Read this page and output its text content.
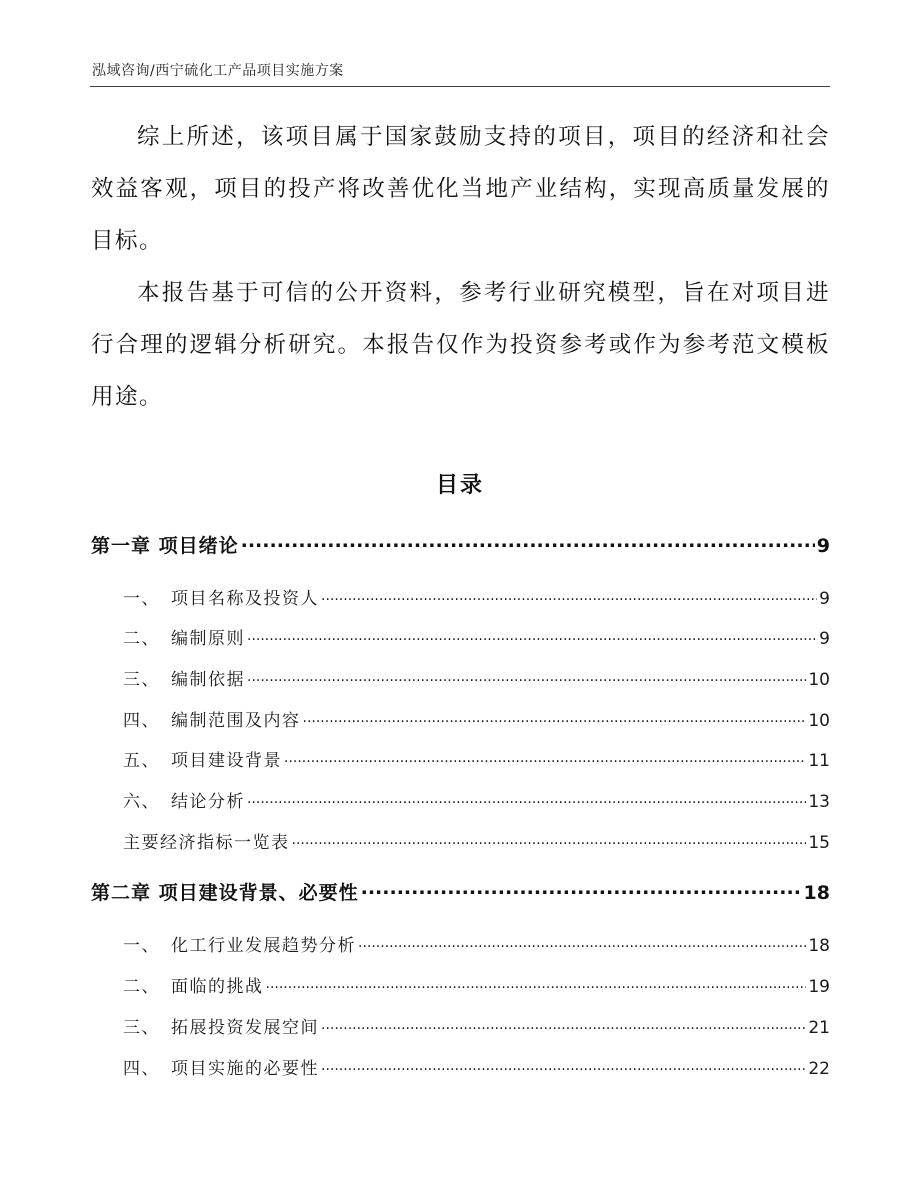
泓域咨询/西宁硫化工产品项目实施方案

综上所述，该项目属于国家鼓励支持的项目，项目的经济和社会效益客观，项目的投产将改善优化当地产业结构，实现高质量发展的目标。

本报告基于可信的公开资料，参考行业研究模型，旨在对项目进行合理的逻辑分析研究。本报告仅作为投资参考或作为参考范文模板用途。

目录
第一章 项目绪论 .....	9
一、 项目名称及投资人 .....	9
二、 编制原则 .....	9
三、 编制依据 .....	10
四、 编制范围及内容 .....	10
五、 项目建设背景 .....	11
六、 结论分析 .....	13
主要经济指标一览表 .....	15
第二章 项目建设背景、必要性 .....	18
一、 化工行业发展趋势分析 .....	18
二、 面临的挑战 .....	19
三、 拓展投资发展空间 .....	21
四、 项目实施的必要性 .....	22
